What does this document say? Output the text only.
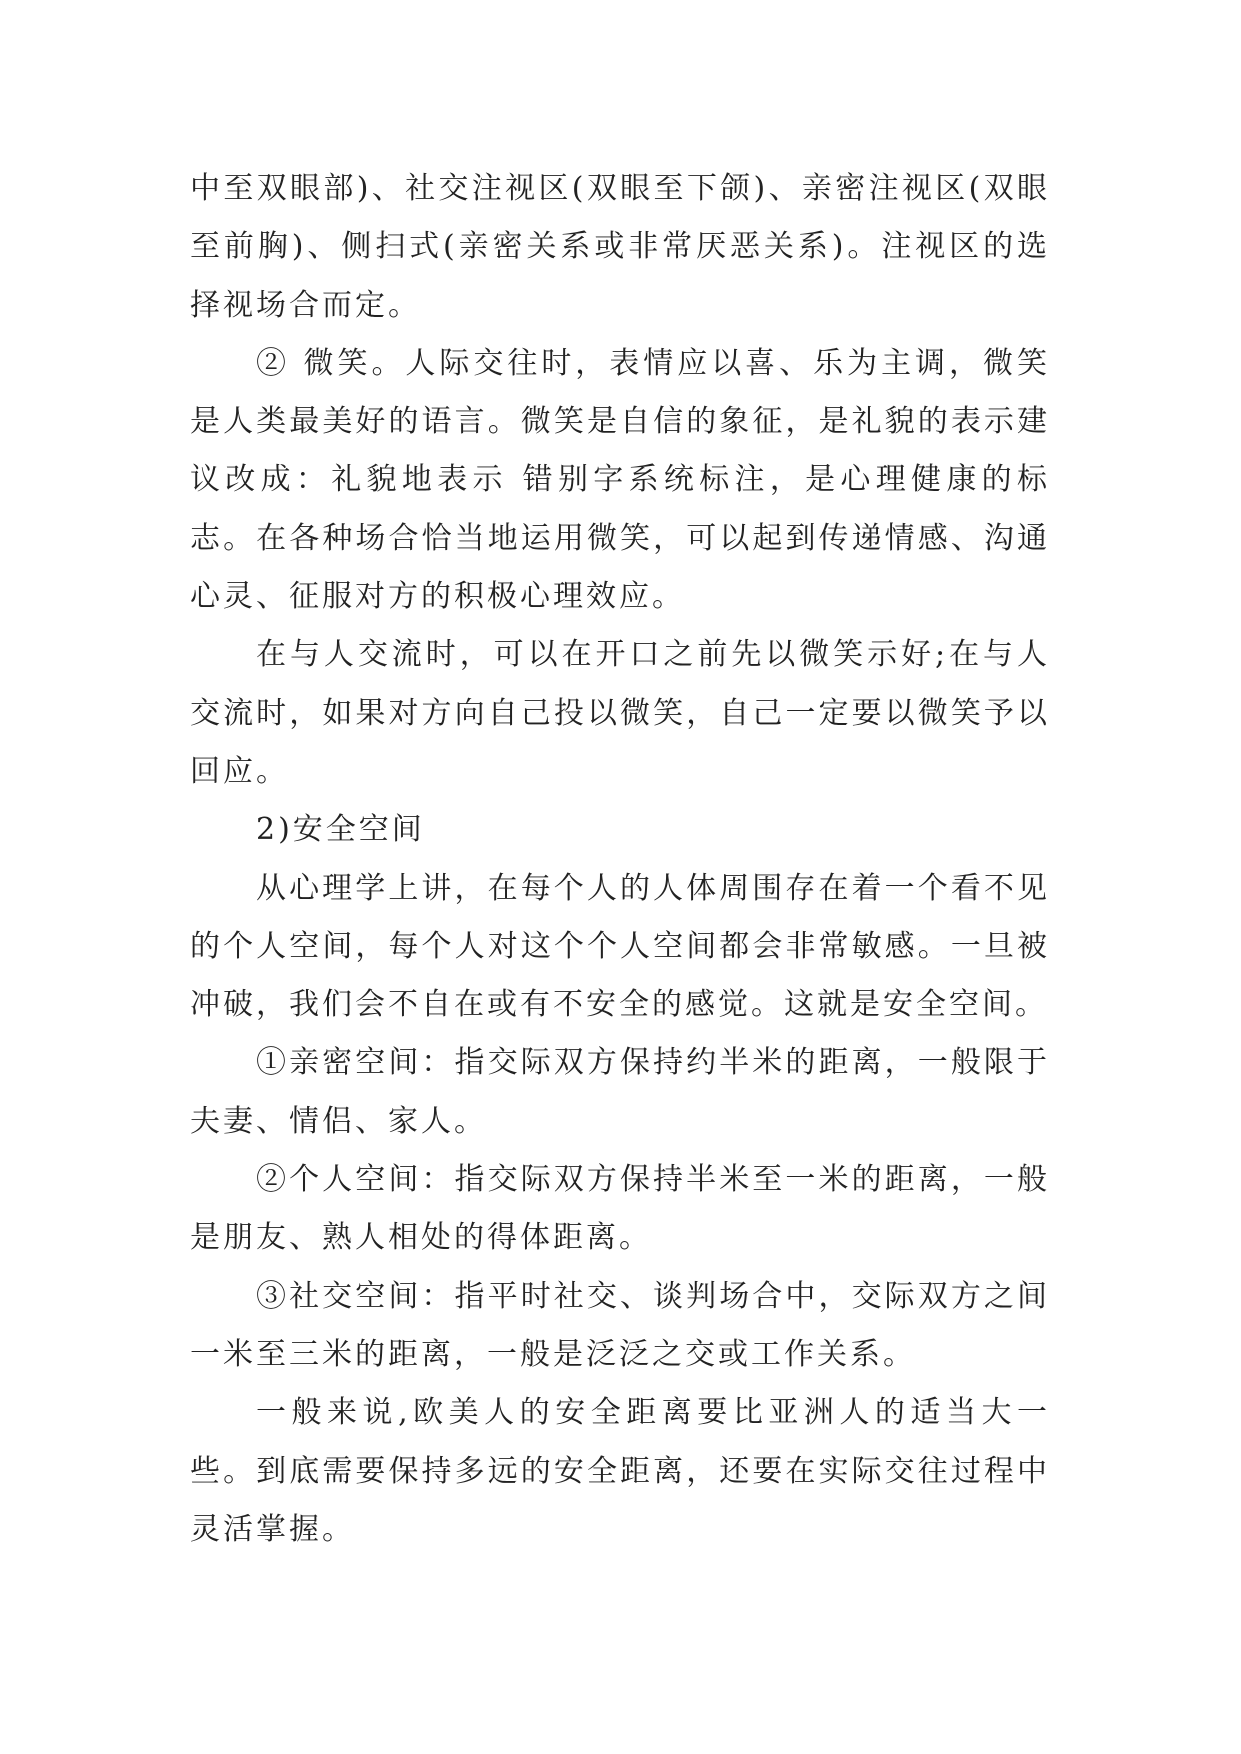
中至双眼部)、社交注视区(双眼至下颌)、亲密注视区(双眼至前胸)、侧扫式(亲密关系或非常厌恶关系)。注视区的选择视场合而定。

② 微笑。人际交往时，表情应以喜、乐为主调，微笑是人类最美好的语言。微笑是自信的象征，是礼貌的表示建议改成：礼貌地表示 错别字系统标注，是心理健康的标志。在各种场合恰当地运用微笑，可以起到传递情感、沟通心灵、征服对方的积极心理效应。

在与人交流时，可以在开口之前先以微笑示好;在与人交流时，如果对方向自己投以微笑，自己一定要以微笑予以回应。

2)安全空间

从心理学上讲，在每个人的人体周围存在着一个看不见的个人空间，每个人对这个个人空间都会非常敏感。一旦被冲破，我们会不自在或有不安全的感觉。这就是安全空间。

①亲密空间：指交际双方保持约半米的距离，一般限于夫妻、情侣、家人。

②个人空间：指交际双方保持半米至一米的距离，一般是朋友、熟人相处的得体距离。

③社交空间：指平时社交、谈判场合中，交际双方之间一米至三米的距离，一般是泛泛之交或工作关系。

一般来说,欧美人的安全距离要比亚洲人的适当大一些。到底需要保持多远的安全距离，还要在实际交往过程中灵活掌握。
